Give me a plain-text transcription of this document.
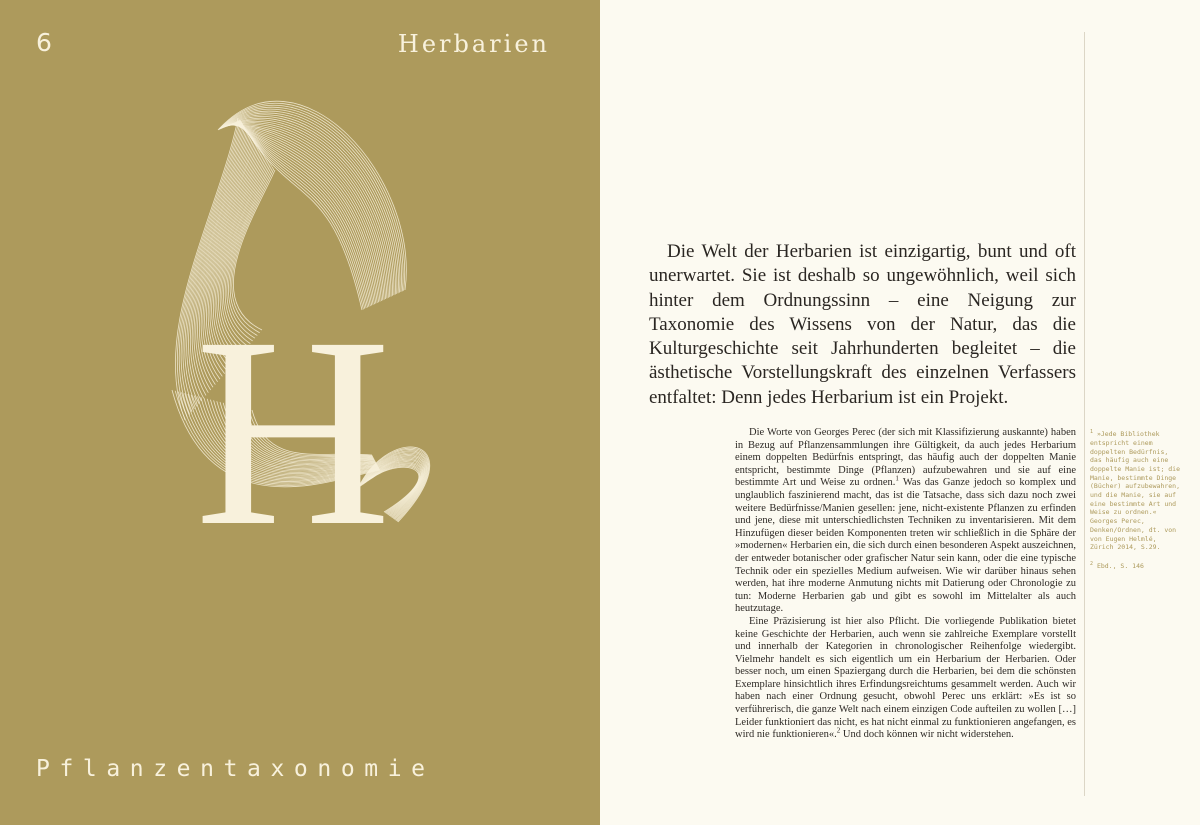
6	Herbarien
H
Pflanzentaxonomie

Die Welt der Herbarien ist einzigartig, bunt und oft unerwartet. Sie ist deshalb so ungewöhnlich, weil sich hinter dem Ordnungssinn – eine Neigung zur Taxonomie des Wissens von der Natur, das die Kulturgeschichte seit Jahrhunderten begleitet – die ästhetische Vorstellungskraft des einzelnen Verfassers entfaltet: Denn jedes Herbarium ist ein Projekt.

Die Worte von Georges Perec (der sich mit Klassifizierung auskannte) haben in Bezug auf Pflanzensammlungen ihre Gültigkeit, da auch jedes Herbarium einem doppelten Bedürfnis entspringt, das häufig auch der doppelten Manie entspricht, bestimmte Dinge (Pflanzen) aufzubewahren und sie auf eine bestimmte Art und Weise zu ordnen.$^1$ Was das Ganze jedoch so komplex und unglaublich faszinierend macht, das ist die Tatsache, dass sich dazu noch zwei weitere Bedürfnisse/Manien gesellen: jene, nicht-existente Pflanzen zu erfinden und jene, diese mit unterschiedlichsten Techniken zu inventarisieren. Mit dem Hinzufügen dieser beiden Komponenten treten wir schließlich in die Sphäre der »modernen« Herbarien ein, die sich durch einen besonderen Aspekt auszeichnen, der entweder botanischer oder grafischer Natur sein kann, oder die eine typische Technik oder ein spezielles Medium aufweisen. Wie wir darüber hinaus sehen werden, hat ihre moderne Anmutung nichts mit Datierung oder Chronologie zu tun: Moderne Herbarien gab und gibt es sowohl im Mittelalter als auch heutzutage.

Eine Präzisierung ist hier also Pflicht. Die vorliegende Publikation bietet keine Geschichte der Herbarien, auch wenn sie zahlreiche Exemplare vorstellt und innerhalb der Kategorien in chronologischer Reihenfolge wiedergibt. Vielmehr handelt es sich eigentlich um ein Herbarium der Herbarien. Oder besser noch, um einen Spaziergang durch die Herbarien, bei dem die schönsten Exemplare hinsichtlich ihres Erfindungsreichtums gesammelt werden. Auch wir haben nach einer Ordnung gesucht, obwohl Perec uns erklärt: »Es ist so verführerisch, die ganze Welt nach einem einzigen Code aufteilen zu wollen […] Leider funktioniert das nicht, es hat nicht einmal zu funktionieren angefangen, es wird nie funktionieren«.$^2$ Und doch können wir nicht widerstehen.

$^1$ »Jede Bibliothek entspricht einem doppelten Bedürfnis, das häufig auch eine doppelte Manie ist; die Manie, bestimmte Dinge (Bücher) aufzubewahren, und die Manie, sie auf eine bestimmte Art und Weise zu ordnen.« Georges Perec, Denken/Ordnen, dt. von von Eugen Helmlé, Zürich 2014, S.29.
$^2$ Ebd., S. 146
